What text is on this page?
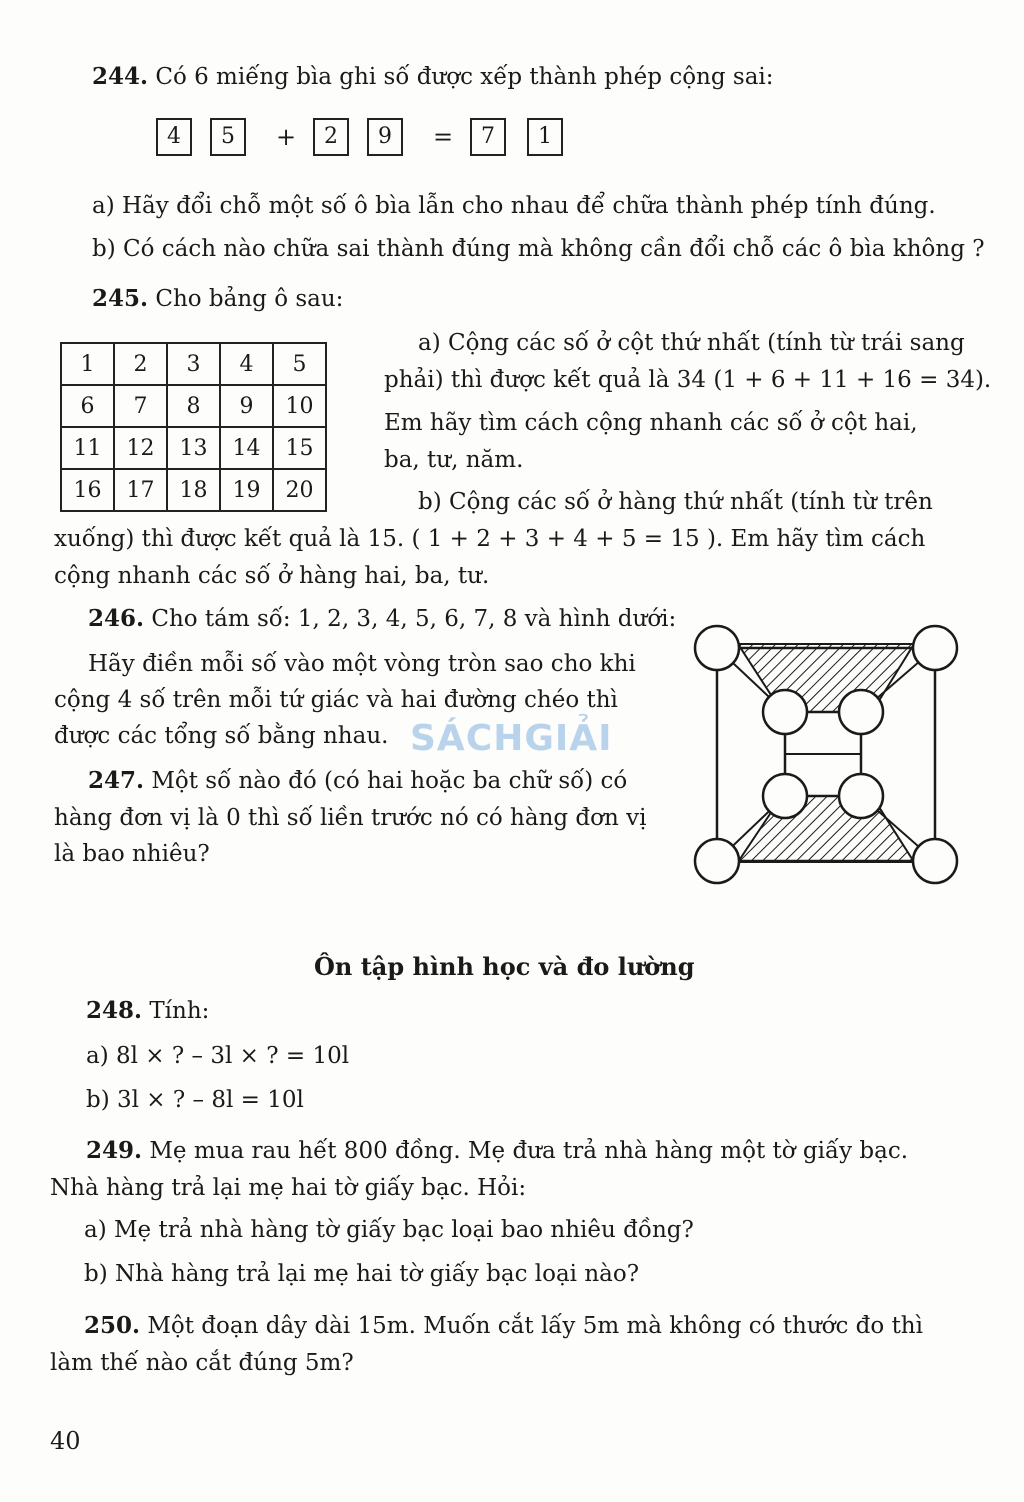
244. Có 6 miếng bìa ghi số được xếp thành phép cộng sai:
4	5	+	2	9	=	7	1
a) Hãy đổi chỗ một số ô bìa lẫn cho nhau để chữa thành phép tính đúng.
b) Có cách nào chữa sai thành đúng mà không cần đổi chỗ các ô bìa không ?
245. Cho bảng ô sau:
1	2	3	4	5
6	7	8	9	10
11	12	13	14	15
16	17	18	19	20
a) Cộng các số ở cột thứ nhất (tính từ trái sang
phải) thì được kết quả là 34 (1 + 6 + 11 + 16 = 34).
Em hãy tìm cách cộng nhanh các số ở cột hai,
ba, tư, năm.
b) Cộng các số ở hàng thứ nhất (tính từ trên
xuống) thì được kết quả là 15. ( 1 + 2 + 3 + 4 + 5 = 15 ). Em hãy tìm cách
cộng nhanh các số ở hàng hai, ba, tư.
246. Cho tám số: 1, 2, 3, 4, 5, 6, 7, 8 và hình dưới:
Hãy điền mỗi số vào một vòng tròn sao cho khi
cộng 4 số trên mỗi tứ giác và hai đường chéo thì
được các tổng số bằng nhau. SÁCHGIẢI
247. Một số nào đó (có hai hoặc ba chữ số) có
hàng đơn vị là 0 thì số liền trước nó có hàng đơn vị
là bao nhiêu?
Ôn tập hình học và đo lường
248. Tính:
a) 8l × ? – 3l × ? = 10l
b) 3l × ? – 8l = 10l
249. Mẹ mua rau hết 800 đồng. Mẹ đưa trả nhà hàng một tờ giấy bạc.
Nhà hàng trả lại mẹ hai tờ giấy bạc. Hỏi:
a) Mẹ trả nhà hàng tờ giấy bạc loại bao nhiêu đồng?
b) Nhà hàng trả lại mẹ hai tờ giấy bạc loại nào?
250. Một đoạn dây dài 15m. Muốn cắt lấy 5m mà không có thước đo thì
làm thế nào cắt đúng 5m?
40
